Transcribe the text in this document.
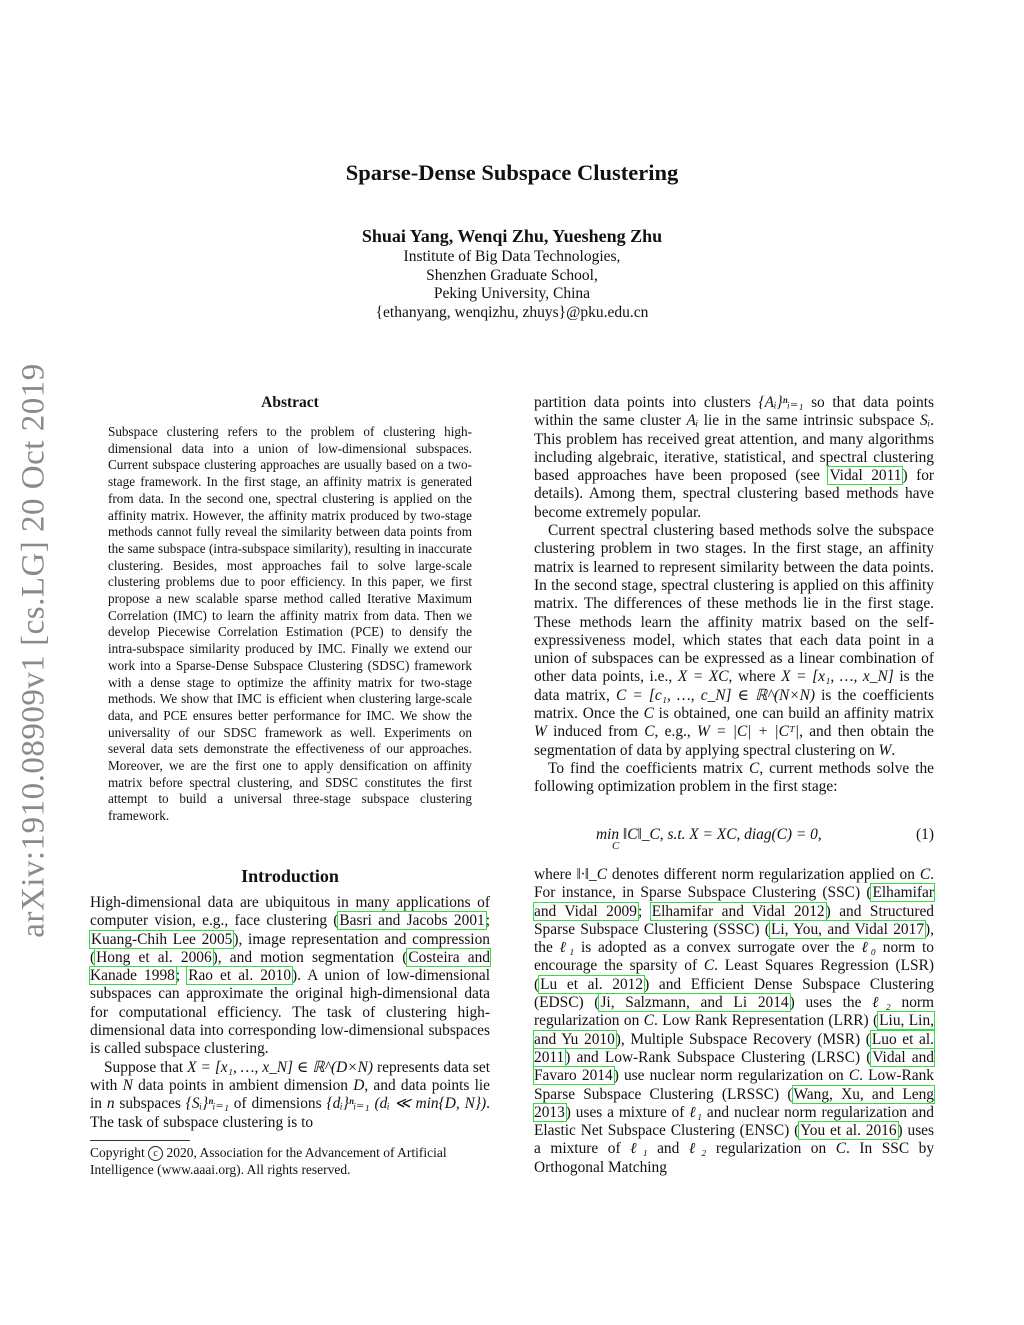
arXiv:1910.08909v1 [cs.LG] 20 Oct 2019
Sparse-Dense Subspace Clustering
Shuai Yang, Wenqi Zhu, Yuesheng Zhu
Institute of Big Data Technologies,
Shenzhen Graduate School,
Peking University, China
{ethanyang, wenqizhu, zhuys}@pku.edu.cn
Abstract

Subspace clustering refers to the problem of clustering high-dimensional data into a union of low-dimensional subspaces. Current subspace clustering approaches are usually based on a two-stage framework. In the first stage, an affinity matrix is generated from data. In the second one, spectral clustering is applied on the affinity matrix. However, the affinity matrix produced by two-stage methods cannot fully reveal the similarity between data points from the same subspace (intra-subspace similarity), resulting in inaccurate clustering. Besides, most approaches fail to solve large-scale clustering problems due to poor efficiency. In this paper, we first propose a new scalable sparse method called Iterative Maximum Correlation (IMC) to learn the affinity matrix from data. Then we develop Piecewise Correlation Estimation (PCE) to densify the intra-subspace similarity produced by IMC. Finally we extend our work into a Sparse-Dense Subspace Clustering (SDSC) framework with a dense stage to optimize the affinity matrix for two-stage methods. We show that IMC is efficient when clustering large-scale data, and PCE ensures better performance for IMC. We show the universality of our SDSC framework as well. Experiments on several data sets demonstrate the effectiveness of our approaches. Moreover, we are the first one to apply densification on affinity matrix before spectral clustering, and SDSC constitutes the first attempt to build a universal three-stage subspace clustering framework.

Introduction

High-dimensional data are ubiquitous in many applications of computer vision, e.g., face clustering (Basri and Jacobs 2001; Kuang-Chih Lee 2005), image representation and compression (Hong et al. 2006), and motion segmentation (Costeira and Kanade 1998; Rao et al. 2010). A union of low-dimensional subspaces can approximate the original high-dimensional data for computational efficiency. The task of clustering high-dimensional data into corresponding low-dimensional subspaces is called subspace clustering.

Suppose that X = [x₁, …, x_N] ∈ ℝ^(D×N) represents data set with N data points in ambient dimension D, and data points lie in n subspaces {Sᵢ}ⁿᵢ₌₁ of dimensions {dᵢ}ⁿᵢ₌₁ (dᵢ ≪ min{D, N}). The task of subspace clustering is to

Copyright c 2020, Association for the Advancement of Artificial Intelligence (www.aaai.org). All rights reserved.

partition data points into clusters {Aᵢ}ⁿᵢ₌₁ so that data points within the same cluster Aᵢ lie in the same intrinsic subspace Sᵢ. This problem has received great attention, and many algorithms including algebraic, iterative, statistical, and spectral clustering based approaches have been proposed (see Vidal 2011) for details). Among them, spectral clustering based methods have become extremely popular.

Current spectral clustering based methods solve the subspace clustering problem in two stages. In the first stage, an affinity matrix is learned to represent similarity between the data points. In the second stage, spectral clustering is applied on this affinity matrix. The differences of these methods lie in the first stage. These methods learn the affinity matrix based on the self-expressiveness model, which states that each data point in a union of subspaces can be expressed as a linear combination of other data points, i.e., X = XC, where X = [x₁, …, x_N] is the data matrix, C = [c₁, …, c_N] ∈ ℝ^(N×N) is the coefficients matrix. Once the C is obtained, one can build an affinity matrix W induced from C, e.g., W = |C| + |Cᵀ|, and then obtain the segmentation of data by applying spectral clustering on W.

To find the coefficients matrix C, current methods solve the following optimization problem in the first stage:

min ‖C‖_C, s.t. X = XC, diag(C) = 0,
C
(1)

where ‖·‖_C denotes different norm regularization applied on C. For instance, in Sparse Subspace Clustering (SSC) (Elhamifar and Vidal 2009; Elhamifar and Vidal 2012) and Structured Sparse Subspace Clustering (SSSC) (Li, You, and Vidal 2017), the ℓ₁ is adopted as a convex surrogate over the ℓ₀ norm to encourage the sparsity of C. Least Squares Regression (LSR) (Lu et al. 2012) and Efficient Dense Subspace Clustering (EDSC) (Ji, Salzmann, and Li 2014) uses the ℓ₂ norm regularization on C. Low Rank Representation (LRR) (Liu, Lin, and Yu 2010), Multiple Subspace Recovery (MSR) (Luo et al. 2011) and Low-Rank Subspace Clustering (LRSC) (Vidal and Favaro 2014) use nuclear norm regularization on C. Low-Rank Sparse Subspace Clustering (LRSSC) (Wang, Xu, and Leng 2013) uses a mixture of ℓ₁ and nuclear norm regularization and Elastic Net Subspace Clustering (ENSC) (You et al. 2016) uses a mixture of ℓ₁ and ℓ₂ regularization on C. In SSC by Orthogonal Matching
